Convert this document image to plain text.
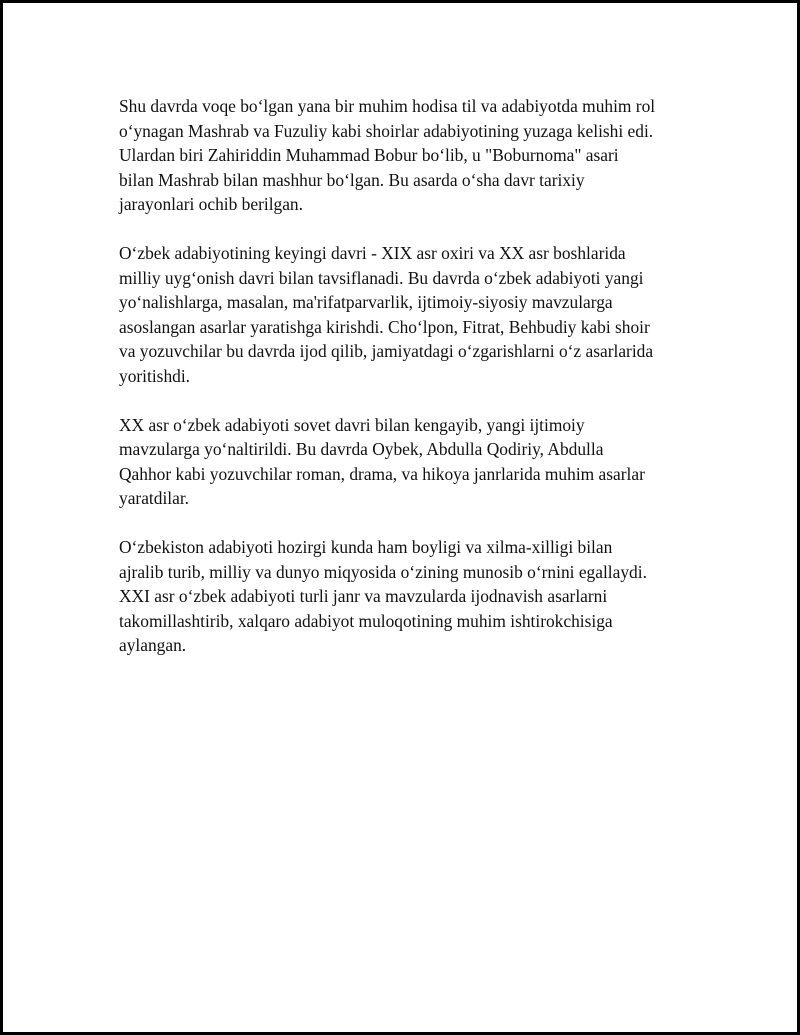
Shu davrda voqe boʻlgan yana bir muhim hodisa til va adabiyotda muhim rol
oʻynagan Mashrab va Fuzuliy kabi shoirlar adabiyotining yuzaga kelishi edi.
Ulardan biri Zahiriddin Muhammad Bobur boʻlib, u "Boburnoma" asari
bilan Mashrab bilan mashhur boʻlgan. Bu asarda oʻsha davr tarixiy
jarayonlari ochib berilgan.

Oʻzbek adabiyotining keyingi davri - XIX asr oxiri va XX asr boshlarida
milliy uygʻonish davri bilan tavsiflanadi. Bu davrda oʻzbek adabiyoti yangi
yoʻnalishlarga, masalan, ma'rifatparvarlik, ijtimoiy-siyosiy mavzularga
asoslangan asarlar yaratishga kirishdi. Choʻlpon, Fitrat, Behbudiy kabi shoir
va yozuvchilar bu davrda ijod qilib, jamiyatdagi oʻzgarishlarni oʻz asarlarida
yoritishdi.

XX asr oʻzbek adabiyoti sovet davri bilan kengayib, yangi ijtimoiy
mavzularga yoʻnaltirildi. Bu davrda Oybek, Abdulla Qodiriy, Abdulla
Qahhor kabi yozuvchilar roman, drama, va hikoya janrlarida muhim asarlar
yaratdilar.

Oʻzbekiston adabiyoti hozirgi kunda ham boyligi va xilma-xilligi bilan
ajralib turib, milliy va dunyo miqyosida oʻzining munosib oʻrnini egallaydi.
XXI asr oʻzbek adabiyoti turli janr va mavzularda ijodnavish asarlarni
takomillashtirib, xalqaro adabiyot muloqotining muhim ishtirokchisiga
aylangan.
